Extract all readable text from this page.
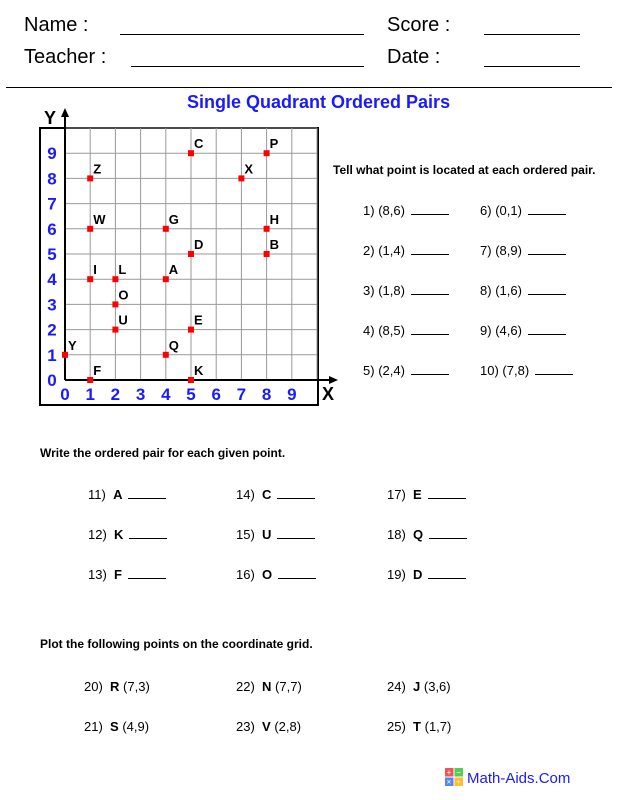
Name :
Teacher :
Score :
Date :
Single Quadrant Ordered Pairs
X
Y
0 1 2 3 4 5 6 7 8 9
0
1
2
3
4
5
6
7
8
9
C	P
Z	X
W	G	H
D	B
I L	A
O
U	E
Y	Q
F	K
Tell what point is located at each ordered pair.
1) (8,6)
2) (1,4)
3) (1,8)
4) (8,5)
5) (2,4)
6) (0,1)
7) (8,9)
8) (1,6)
9) (4,6)
10) (7,8)
Write the ordered pair for each given point.
11) A
12) K
13) F
14) C
15) U
16) O
17) E
18) Q
19) D
Plot the following points on the coordinate grid.
20) R (7,3)
21) S (4,9)
22) N (7,7)
23) V (2,8)
24) J (3,6)
25) T (1,7)
+ −
× ÷ Math-Aids.Com
